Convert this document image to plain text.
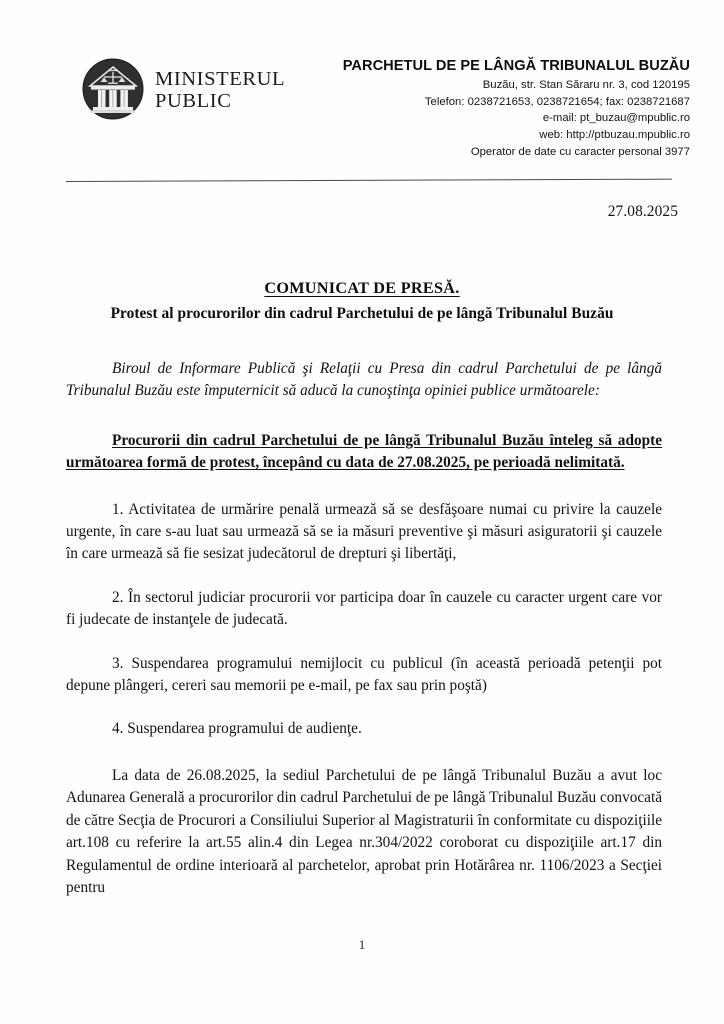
MINISTERUL
PUBLIC
PARCHETUL DE PE LÂNGĂ TRIBUNALUL BUZĂU
Buzău, str. Stan Săraru nr. 3, cod 120195
Telefon: 0238721653, 0238721654; fax: 0238721687
e-mail: pt_buzau@mpublic.ro
web: http://ptbuzau.mpublic.ro
Operator de date cu caracter personal 3977
27.08.2025
COMUNICAT DE PRESĂ.
Protest al procurorilor din cadrul Parchetului de pe lângă Tribunalul Buzău

Biroul de Informare Publică şi Relaţii cu Presa din cadrul Parchetului de pe lângă Tribunalul Buzău este împuternicit să aducă la cunoştinţa opiniei publice următoarele:

Procurorii din cadrul Parchetului de pe lângă Tribunalul Buzău înteleg să adopte următoarea formă de protest, începând cu data de 27.08.2025, pe perioadă nelimitată.

1. Activitatea de urmărire penală urmează să se desfăşoare numai cu privire la cauzele urgente, în care s-au luat sau urmează să se ia măsuri preventive şi măsuri asiguratorii şi cauzele în care urmează să fie sesizat judecătorul de drepturi şi libertăţi,

2. În sectorul judiciar procurorii vor participa doar în cauzele cu caracter urgent care vor fi judecate de instanţele de judecată.

3. Suspendarea programului nemijlocit cu publicul (în această perioadă petenţii pot depune plângeri, cereri sau memorii pe e-mail, pe fax sau prin poştă)

4. Suspendarea programului de audienţe.

La data de 26.08.2025, la sediul Parchetului de pe lângă Tribunalul Buzău a avut loc Adunarea Generală a procurorilor din cadrul Parchetului de pe lângă Tribunalul Buzău convocată de către Secţia de Procurori a Consiliului Superior al Magistraturii în conformitate cu dispoziţiile art.108 cu referire la art.55 alin.4 din Legea nr.304/2022 coroborat cu dispoziţiile art.17 din Regulamentul de ordine interioară al parchetelor, aprobat prin Hotărârea nr. 1106/2023 a Secţiei pentru

1
